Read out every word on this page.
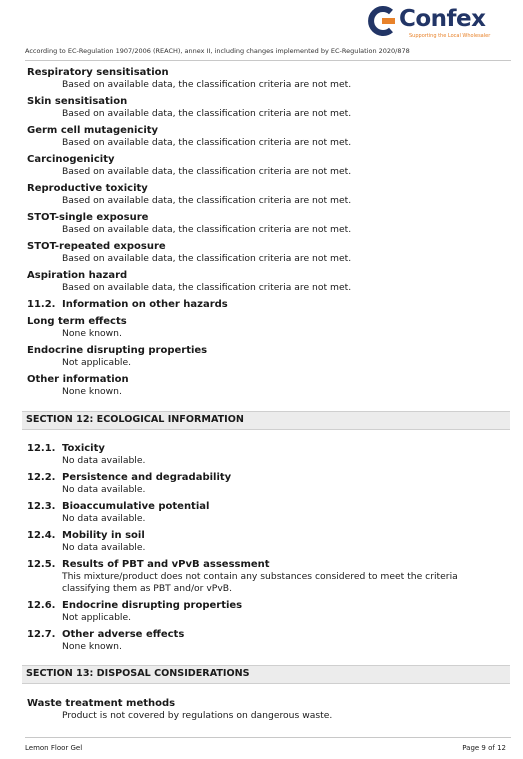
Confex
Supporting the Local Wholesaler
According to EC-Regulation 1907/2006 (REACH), annex II, including changes implemented by EC-Regulation 2020/878
Respiratory sensitisation
Based on available data, the classification criteria are not met.
Skin sensitisation
Based on available data, the classification criteria are not met.
Germ cell mutagenicity
Based on available data, the classification criteria are not met.
Carcinogenicity
Based on available data, the classification criteria are not met.
Reproductive toxicity
Based on available data, the classification criteria are not met.
STOT-single exposure
Based on available data, the classification criteria are not met.
STOT-repeated exposure
Based on available data, the classification criteria are not met.
Aspiration hazard
Based on available data, the classification criteria are not met.
11.2. Information on other hazards
Long term effects
None known.
Endocrine disrupting properties
Not applicable.
Other information
None known.
SECTION 12: ECOLOGICAL INFORMATION
12.1. Toxicity
No data available.
12.2. Persistence and degradability
No data available.
12.3. Bioaccumulative potential
No data available.
12.4. Mobility in soil
No data available.
12.5. Results of PBT and vPvB assessment
This mixture/product does not contain any substances considered to meet the criteria
classifying them as PBT and/or vPvB.
12.6. Endocrine disrupting properties
Not applicable.
12.7. Other adverse effects
None known.
SECTION 13: DISPOSAL CONSIDERATIONS
Waste treatment methods
Product is not covered by regulations on dangerous waste.
Lemon Floor Gel	Page 9 of 12
